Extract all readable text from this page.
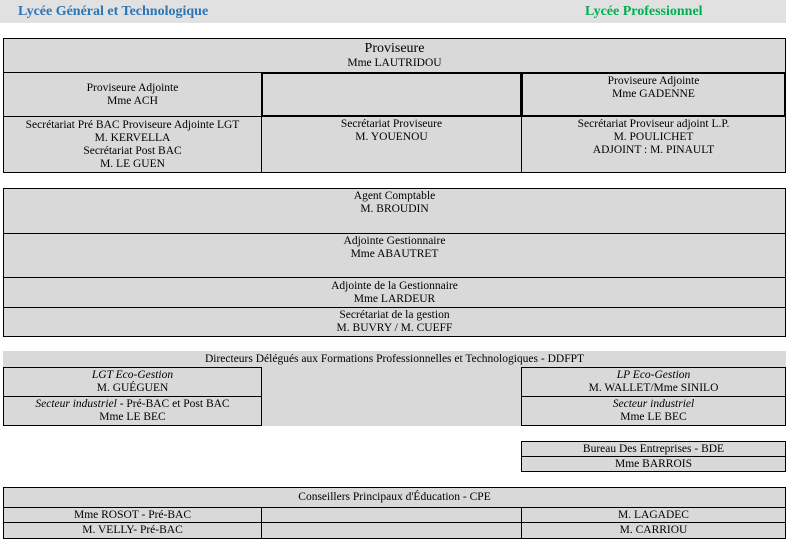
Lycée Général et Technologique	Lycée Professionnel
Proviseure
Mme LAUTRIDOU
Proviseure Adjointe
Mme ACH
Proviseure Adjointe
Mme GADENNE
Secrétariat Pré BAC Proviseure Adjointe LGT
M. KERVELLA
Secrétariat Post BAC
M. LE GUEN
Secrétariat Proviseure
M. YOUENOU
Secrétariat Proviseur adjoint L.P.
M. POULICHET
ADJOINT : M. PINAULT
Agent Comptable
M. BROUDIN
Adjointe Gestionnaire
Mme ABAUTRET
Adjointe de la Gestionnaire
Mme LARDEUR
Secrétariat de la gestion
M. BUVRY / M. CUEFF
Directeurs Délégués aux Formations Professionnelles et Technologiques - DDFPT
LGT Eco-Gestion
M. GUÉGUEN
Secteur industriel - Pré-BAC et Post BAC
Mme LE BEC
LP Eco-Gestion
M. WALLET/Mme SINILO
Secteur industriel
Mme LE BEC
Bureau Des Entreprises - BDE
Mme BARROIS
Conseillers Principaux d'Éducation - CPE
Mme ROSOT - Pré-BAC	M. LAGADEC
M. VELLY- Pré-BAC	M. CARRIOU
